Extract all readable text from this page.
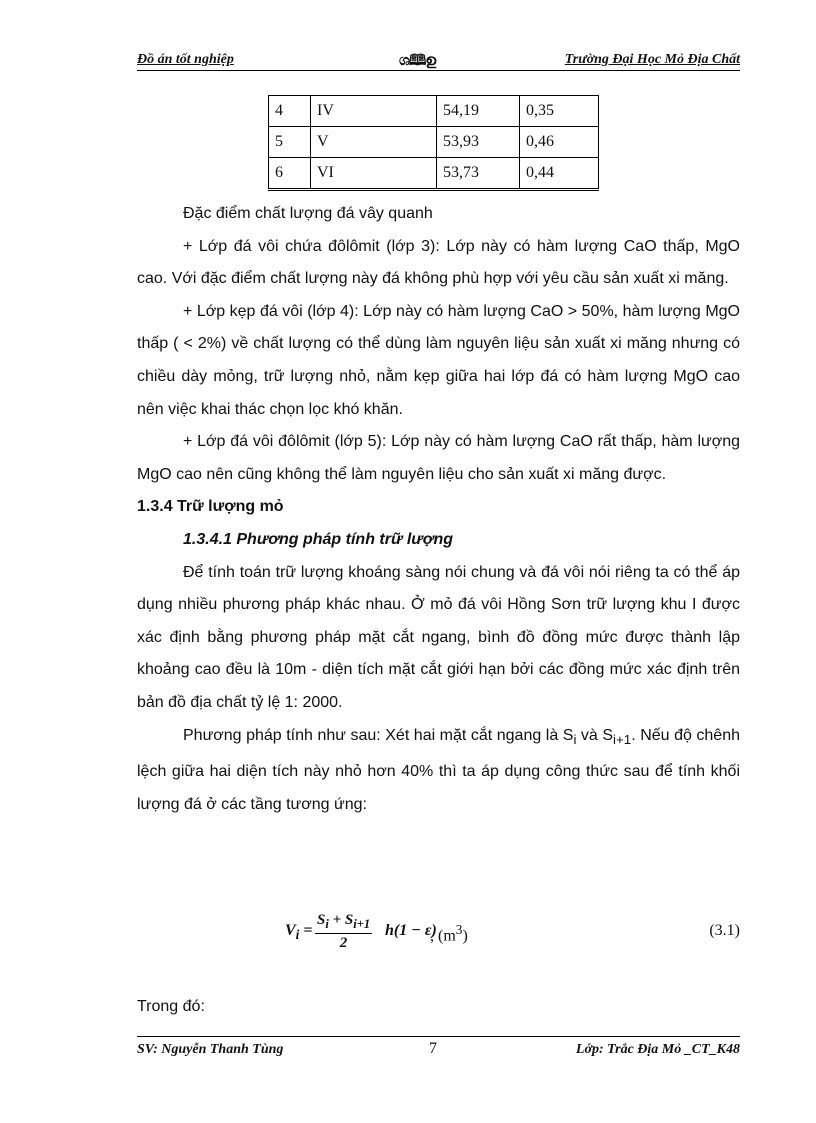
Đồ án tốt nghiệp	ශ🕮ഉ	Trường Đại Học Mỏ Địa Chất
4	IV	54,19	0,35
5	V	53,93	0,46
6	VI	53,73	0,44

Đặc điểm chất lượng đá vây quanh

+ Lớp đá vôi chứa đôlômit (lớp 3): Lớp này có hàm lượng CaO thấp, MgO cao. Với đặc điểm chất lượng này đá không phù hợp với yêu cầu sản xuất xi măng.

+ Lớp kẹp đá vôi (lớp 4): Lớp này có hàm lượng CaO > 50%, hàm lượng MgO thấp ( < 2%) về chất lượng có thể dùng làm nguyên liệu sản xuất xi măng nhưng có chiều dày mỏng, trữ lượng nhỏ, nằm kẹp giữa hai lớp đá có hàm lượng MgO cao nên việc khai thác chọn lọc khó khăn.

+ Lớp đá vôi đôlômit (lớp 5): Lớp này có hàm lượng CaO rất thấp, hàm lượng MgO cao nên cũng không thể làm nguyên liệu cho sản xuất xi măng được.

1.3.4 Trữ lượng mỏ

1.3.4.1 Phương pháp tính trữ lượng

Để tính toán trữ lượng khoáng sàng nói chung và đá vôi nói riêng ta có thể áp dụng nhiều phương pháp khác nhau. Ở mỏ đá vôi Hồng Sơn trữ lượng khu I được xác định bằng phương pháp mặt cắt ngang, bình đồ đồng mức được thành lập khoảng cao đều là 10m - diện tích mặt cắt giới hạn bởi các đồng mức xác định trên bản đồ địa chất tỷ lệ 1: 2000.

Phương pháp tính như sau: Xét hai mặt cắt ngang là $S_i$ và $S_{i+1}$. Nếu độ chênh lệch giữa hai diện tích này nhỏ hơn 40% thì ta áp dụng công thức sau để tính khối lượng đá ở các tầng tương ứng:

$V_i = \frac{S_i + S_{i+1}}{2} h(1 - \varepsilon)$
, $(m^3)$	(3.1)
Trong đó:
SV: Nguyễn Thanh Tùng	7	Lớp: Trắc Địa Mỏ _CT_K48
